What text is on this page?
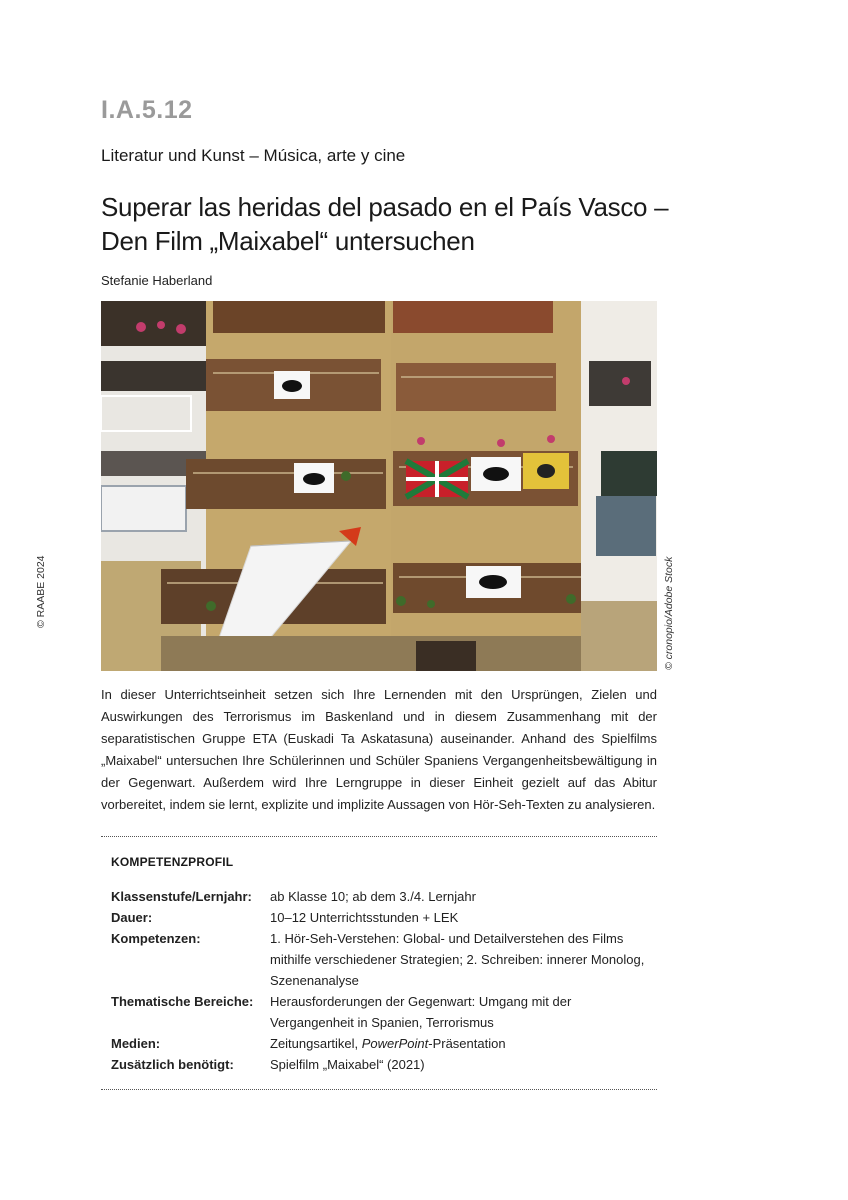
I.A.5.12
Literatur und Kunst – Música, arte y cine
Superar las heridas del pasado en el País Vasco –
Den Film „Maixabel“ untersuchen
Stefanie Haberland
© RAABE 2024	© cronopio/Adobe Stock

In dieser Unterrichtseinheit setzen sich Ihre Lernenden mit den Ursprüngen, Zielen und Auswirkungen des Terrorismus im Baskenland und in diesem Zusammenhang mit der separatistischen Gruppe ETA (Euskadi Ta Askatasuna) auseinander. Anhand des Spielfilms „Maixabel“ untersuchen Ihre Schülerinnen und Schüler Spaniens Vergangenheitsbewältigung in der Gegenwart. Außerdem wird Ihre Lerngruppe in dieser Einheit gezielt auf das Abitur vorbereitet, indem sie lernt, explizite und implizite Aussagen von Hör-Seh-Texten zu analysieren.

KOMPETENZPROFIL
Klassenstufe/Lernjahr:	ab Klasse 10; ab dem 3./4. Lernjahr
Dauer:	10–12 Unterrichtsstunden + LEK
Kompetenzen:	1. Hör-Seh-Verstehen: Global- und Detailverstehen des Films mithilfe verschiedener Strategien; 2. Schreiben: innerer Monolog, Szenenanalyse
Thematische Bereiche:	Herausforderungen der Gegenwart: Umgang mit der Vergangenheit in Spanien, Terrorismus
Medien:	Zeitungsartikel, PowerPoint-Präsentation
Zusätzlich benötigt:	Spielfilm „Maixabel“ (2021)
